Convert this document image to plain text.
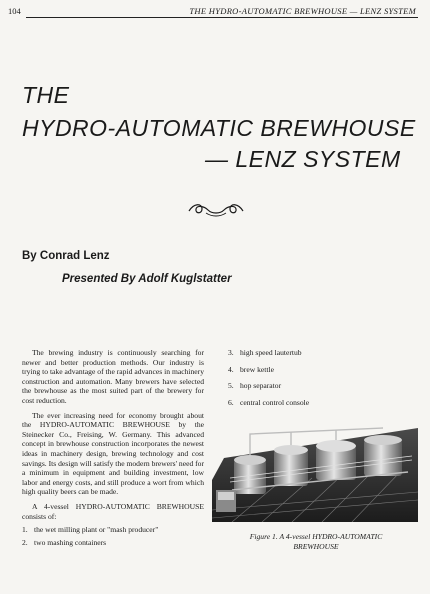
104	THE HYDRO-AUTOMATIC BREWHOUSE — LENZ SYSTEM
THE
HYDRO-AUTOMATIC BREWHOUSE
— LENZ SYSTEM
By Conrad Lenz
Presented By Adolf Kuglstatter

The brewing industry is continuously searching for newer and better production methods. Our industry is trying to take advantage of the rapid advances in machinery construction and automation. Many brewers have selected the brewhouse as the most suited part of the brewery for cost reduction.

The ever increasing need for economy brought about the HYDRO-AUTOMATIC BREWHOUSE by the Steinecker Co., Freising, W. Germany. This advanced concept in brewhouse construction incorporates the newest ideas in machinery design, brewing technology and cost savings. Its design will satisfy the modern brewers' need for a minimum in equipment and building investment, low labor and energy costs, and still produce a wort from which high quality beers can be made.

A 4-vessel HYDRO-AUTOMATIC BREWHOUSE consists of:

1. the wet milling plant or "mash producer"
2. two mashing containers
3. high speed lautertub
4. brew kettle
5. hop separator
6. central control console
Figure 1. A 4-vessel HYDRO-AUTOMATIC
BREWHOUSE
